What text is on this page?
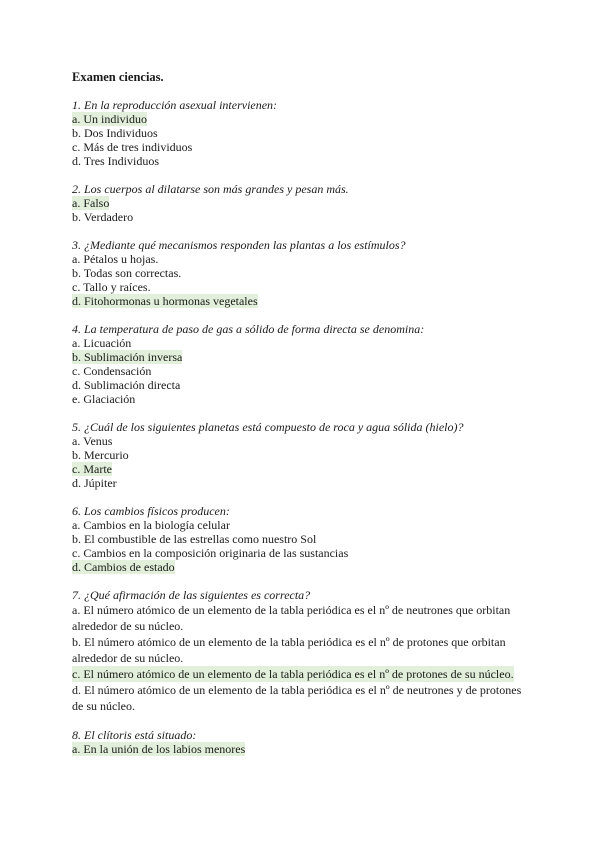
Examen ciencias.
1. En la reproducción asexual intervienen:
a. Un individuo
b. Dos Individuos
c. Más de tres individuos
d. Tres Individuos
2. Los cuerpos al dilatarse son más grandes y pesan más.
a. Falso
b. Verdadero
3. ¿Mediante qué mecanismos responden las plantas a los estímulos?
a. Pétalos u hojas.
b. Todas son correctas.
c. Tallo y raíces.
d. Fitohormonas u hormonas vegetales
4. La temperatura de paso de gas a sólido de forma directa se denomina:
a. Licuación
b. Sublimación inversa
c. Condensación
d. Sublimación directa
e. Glaciación
5. ¿Cuál de los siguientes planetas está compuesto de roca y agua sólida (hielo)?
a. Venus
b. Mercurio
c. Marte
d. Júpiter
6. Los cambios físicos producen:
a. Cambios en la biología celular
b. El combustible de las estrellas como nuestro Sol
c. Cambios en la composición originaria de las sustancias
d. Cambios de estado
7. ¿Qué afirmación de las siguientes es correcta?
a. El número atómico de un elemento de la tabla periódica es el nº de neutrones que orbitan alrededor de su núcleo.
b. El número atómico de un elemento de la tabla periódica es el nº de protones que orbitan alrededor de su núcleo.
c. El número atómico de un elemento de la tabla periódica es el nº de protones de su núcleo.
d. El número atómico de un elemento de la tabla periódica es el nº de neutrones y de protones de su núcleo.
8. El clítoris está situado:
a. En la unión de los labios menores
